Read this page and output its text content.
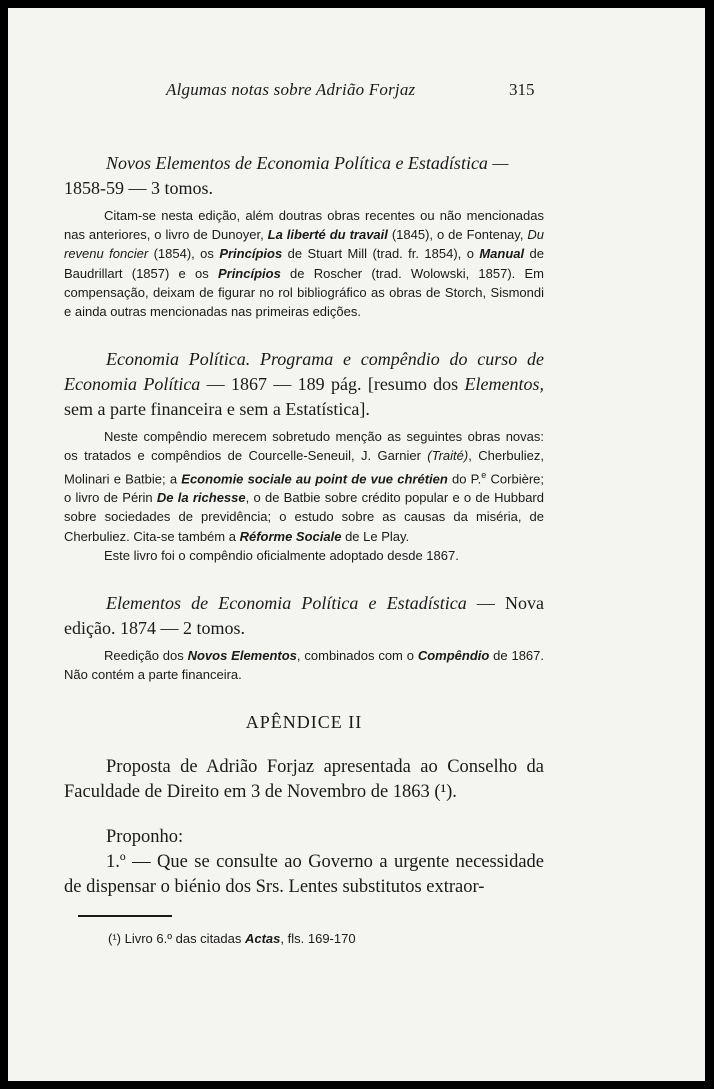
Algumas notas sobre Adrião Forjaz	315

Novos Elementos de Economia Política e Estadística —
1858-59 — 3 tomos.

Citam-se nesta edição, além doutras obras recentes ou não mencionadas nas anteriores, o livro de Dunoyer, La liberté du travail (1845), o de Fontenay, Du revenu foncier (1854), os Princípios de Stuart Mill (trad. fr. 1854), o Manual de Baudrillart (1857) e os Princípios de Roscher (trad. Wolowski, 1857). Em compensação, deixam de figurar no rol bibliográfico as obras de Storch, Sismondi e ainda outras mencionadas nas primeiras edições.

Economia Política. Programa e compêndio do curso de Economia Política — 1867 — 189 pág. [resumo dos Elementos, sem a parte financeira e sem a Estatística].

Neste compêndio merecem sobretudo menção as seguintes obras novas: os tratados e compêndios de Courcelle-Seneuil, J. Garnier (Traité), Cherbuliez, Molinari e Batbie; a Economie sociale au point de vue chrétien do P.$^e$ Corbière; o livro de Périn De la richesse, o de Batbie sobre crédito popular e o de Hubbard sobre sociedades de previdência; o estudo sobre as causas da miséria, de Cherbuliez. Cita-se também a Réforme Sociale de Le Play.

Este livro foi o compêndio oficialmente adoptado desde 1867.

Elementos de Economia Política e Estadística — Nova edição. 1874 — 2 tomos.

Reedição dos Novos Elementos, combinados com o Compêndio de 1867. Não contém a parte financeira.

APÊNDICE II

Proposta de Adrião Forjaz apresentada ao Conselho da Faculdade de Direito em 3 de Novembro de 1863 (¹).

Proponho:

1.º — Que se consulte ao Governo a urgente necessidade de dispensar o biénio dos Srs. Lentes substitutos extraor-

(¹) Livro 6.º das citadas Actas, fls. 169-170
